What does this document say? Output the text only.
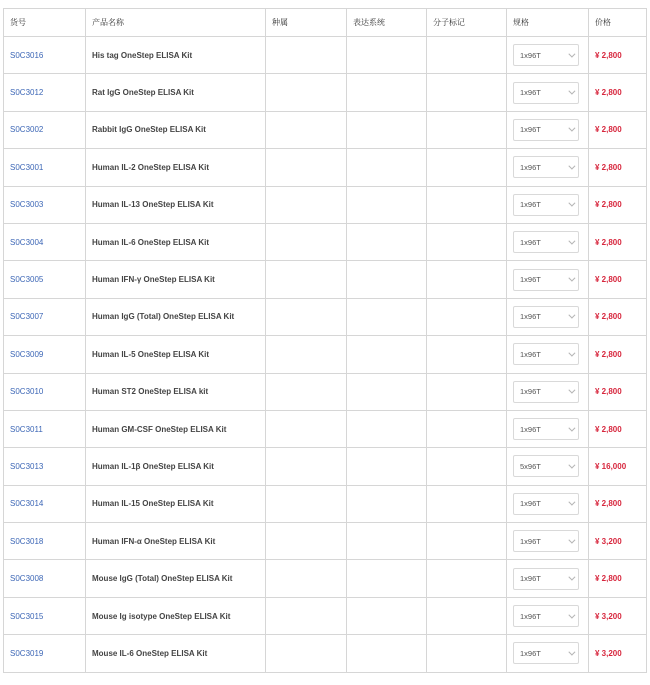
货号	产品名称	种属	表达系统	分子标记	规格	价格
S0C3016	His tag OneStep ELISA Kit				1x96T	¥ 2,800
S0C3012	Rat IgG OneStep ELISA Kit				1x96T	¥ 2,800
S0C3002	Rabbit IgG OneStep ELISA Kit				1x96T	¥ 2,800
S0C3001	Human IL-2 OneStep ELISA Kit				1x96T	¥ 2,800
S0C3003	Human IL-13 OneStep ELISA Kit				1x96T	¥ 2,800
S0C3004	Human IL-6 OneStep ELISA Kit				1x96T	¥ 2,800
S0C3005	Human IFN-γ OneStep ELISA Kit				1x96T	¥ 2,800
S0C3007	Human IgG (Total) OneStep ELISA Kit				1x96T	¥ 2,800
S0C3009	Human IL-5 OneStep ELISA Kit				1x96T	¥ 2,800
S0C3010	Human ST2 OneStep ELISA kit				1x96T	¥ 2,800
S0C3011	Human GM-CSF OneStep ELISA Kit				1x96T	¥ 2,800
S0C3013	Human IL-1β OneStep ELISA Kit				5x96T	¥ 16,000
S0C3014	Human IL-15 OneStep ELISA Kit				1x96T	¥ 2,800
S0C3018	Human IFN-α OneStep ELISA Kit				1x96T	¥ 3,200
S0C3008	Mouse IgG (Total) OneStep ELISA Kit				1x96T	¥ 2,800
S0C3015	Mouse Ig isotype OneStep ELISA Kit				1x96T	¥ 3,200
S0C3019	Mouse IL-6 OneStep ELISA Kit				1x96T	¥ 3,200
